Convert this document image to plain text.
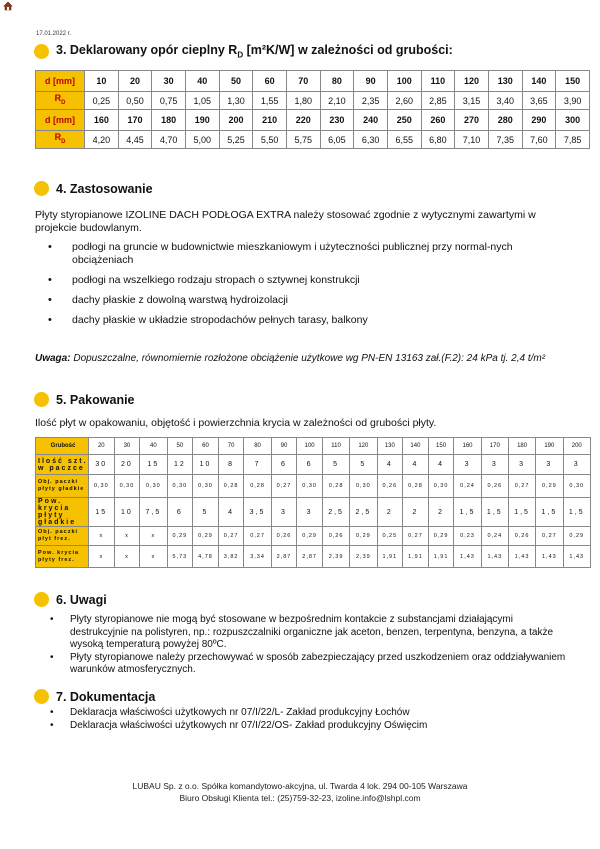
17.01.2022 r.
3. Deklarowany opór cieplny $R_D$ [m²K/W] w zależności od grubości:
d [mm]	10	20	30	40	50	60	70	80	90	100	110	120	130	140	150
$R_D$	0,25	0,50	0,75	1,05	1,30	1,55	1,80	2,10	2,35	2,60	2,85	3,15	3,40	3,65	3,90
d [mm]	160	170	180	190	200	210	220	230	240	250	260	270	280	290	300
$R_D$	4,20	4,45	4,70	5,00	5,25	5,50	5,75	6,05	6,30	6,55	6,80	7,10	7,35	7,60	7,85
4. Zastosowanie
Płyty styropianowe IZOLINE DACH PODŁOGA EXTRA należy stosować zgodnie z wytycznymi zawartymi w projekcie budowlanym.
• podłogi na gruncie w budownictwie mieszkaniowym i użyteczności publicznej przy normal-nych obciążeniach
• podłogi na wszelkiego rodzaju stropach o sztywnej konstrukcji
• dachy płaskie z dowolną warstwą hydroizolacji
• dachy płaskie w układzie stropodachów pełnych tarasy, balkony
Uwaga: Dopuszczalne, równomiernie rozłożone obciążenie użytkowe wg PN-EN 13163 zał.(F.2): 24 kPa tj. 2,4 t/m²
5. Pakowanie
Ilość płyt w opakowaniu, objętość i powierzchnia krycia w zależności od grubości płyty.
Grubość	20	30	40	50	60	70	80	90	100	110	120	130	140	150	160	170	180	190	200
Ilość szt. w paczce	30	20	15	12	10	8	7	6	6	5	5	4	4	4	3	3	3	3	3
Obj. paczki płyty gładkie	0,30	0,30	0,30	0,30	0,30	0,28	0,28	0,27	0,30	0,28	0,30	0,26	0,28	0,30	0,24	0,26	0,27	0,29	0,30
Pow. krycia płyty gładkie	15	10	7,5	6	5	4	3,5	3	3	2,5	2,5	2	2	2	1,5	1,5	1,5	1,5	1,5
Obj. paczki płyt frez.	x	x	x	0,29	0,29	0,27	0,27	0,26	0,29	0,26	0,29	0,25	0,27	0,29	0,23	0,24	0,26	0,27	0,29
Pow. krycia płyty frez.	x	x	x	5,73	4,78	3,82	3,34	2,87	2,87	2,39	2,39	1,91	1,91	1,91	1,43	1,43	1,43	1,43	1,43
6. Uwagi
• Płyty styropianowe nie mogą być stosowane w bezpośrednim kontakcie z substancjami działającymi destrukcyjnie na polistyren, np.: rozpuszczalniki organiczne jak aceton, benzen, terpentyna, benzyna, a także wysoką temperaturą powyżej 80ºC.
• Płyty styropianowe należy przechowywać w sposób zabezpieczający przed uszkodzeniem oraz oddziaływaniem warunków atmosferycznych.
7. Dokumentacja
• Deklaracja właściwości użytkowych nr 07/I/22/L- Zakład produkcyjny Łochów
• Deklaracja właściwości użytkowych nr 07/I/22/OS- Zakład produkcyjny Oświęcim
LUBAU Sp. z o.o. Spółka komandytowo-akcyjna, ul. Twarda 4 lok. 294 00-105 Warszawa
Biuro Obsługi Klienta tel.: (25)759-32-23, izoline.info@lshpl.com
